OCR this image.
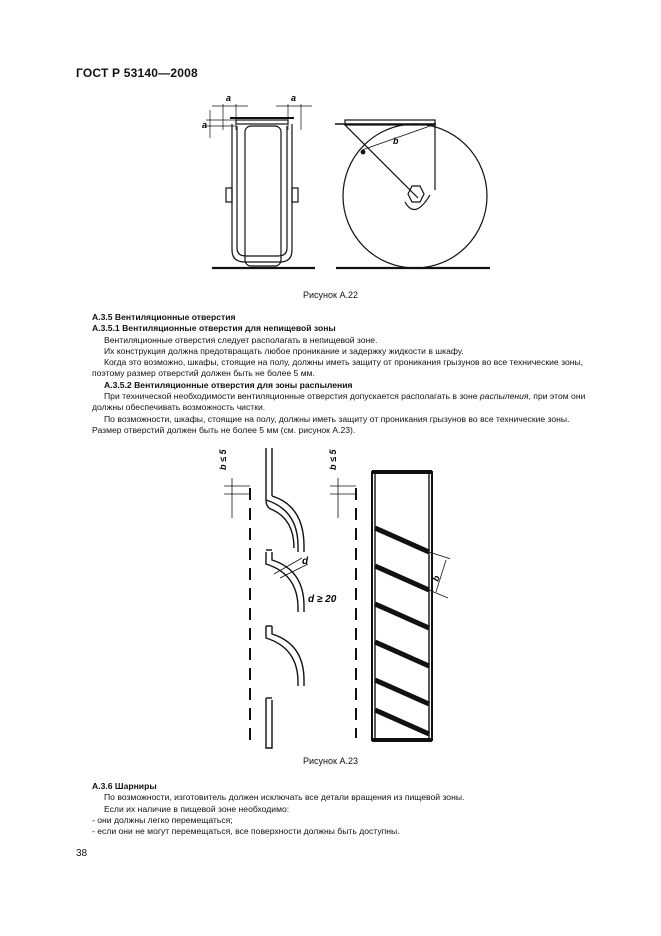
ГОСТ Р 53140—2008
a	a
a
b
Рисунок А.22

А.3.5 Вентиляционные отверстия

А.3.5.1 Вентиляционные отверстия для непищевой зоны

Вентиляционные отверстия следует располагать в непищевой зоне.

Их конструкция должна предотвращать любое проникание и задержку жидкости в шкафу.

Когда это возможно, шкафы, стоящие на полу, должны иметь защиту от проникания грызунов во все технические зоны, поэтому размер отверстий должен быть не более 5 мм.

А.3.5.2 Вентиляционные отверстия для зоны распыления

При технической необходимости вентиляционные отверстия допускается располагать в зоне распыления, при этом они должны обеспечивать возможность чистки.

По возможности, шкафы, стоящие на полу, должны иметь защиту от проникания грызунов во все технические зоны. Размер отверстий должен быть не более 5 мм (см. рисунок А.23).

b ≤ 5	b ≤ 5
d
d ≥ 20
b
Рисунок А.23

А.3.6 Шарниры

По возможности, изготовитель должен исключать все детали вращения из пищевой зоны.

Если их наличие в пищевой зоне необходимо:

- они должны легко перемещаться;

- если они не могут перемещаться, все поверхности должны быть доступны.

38
